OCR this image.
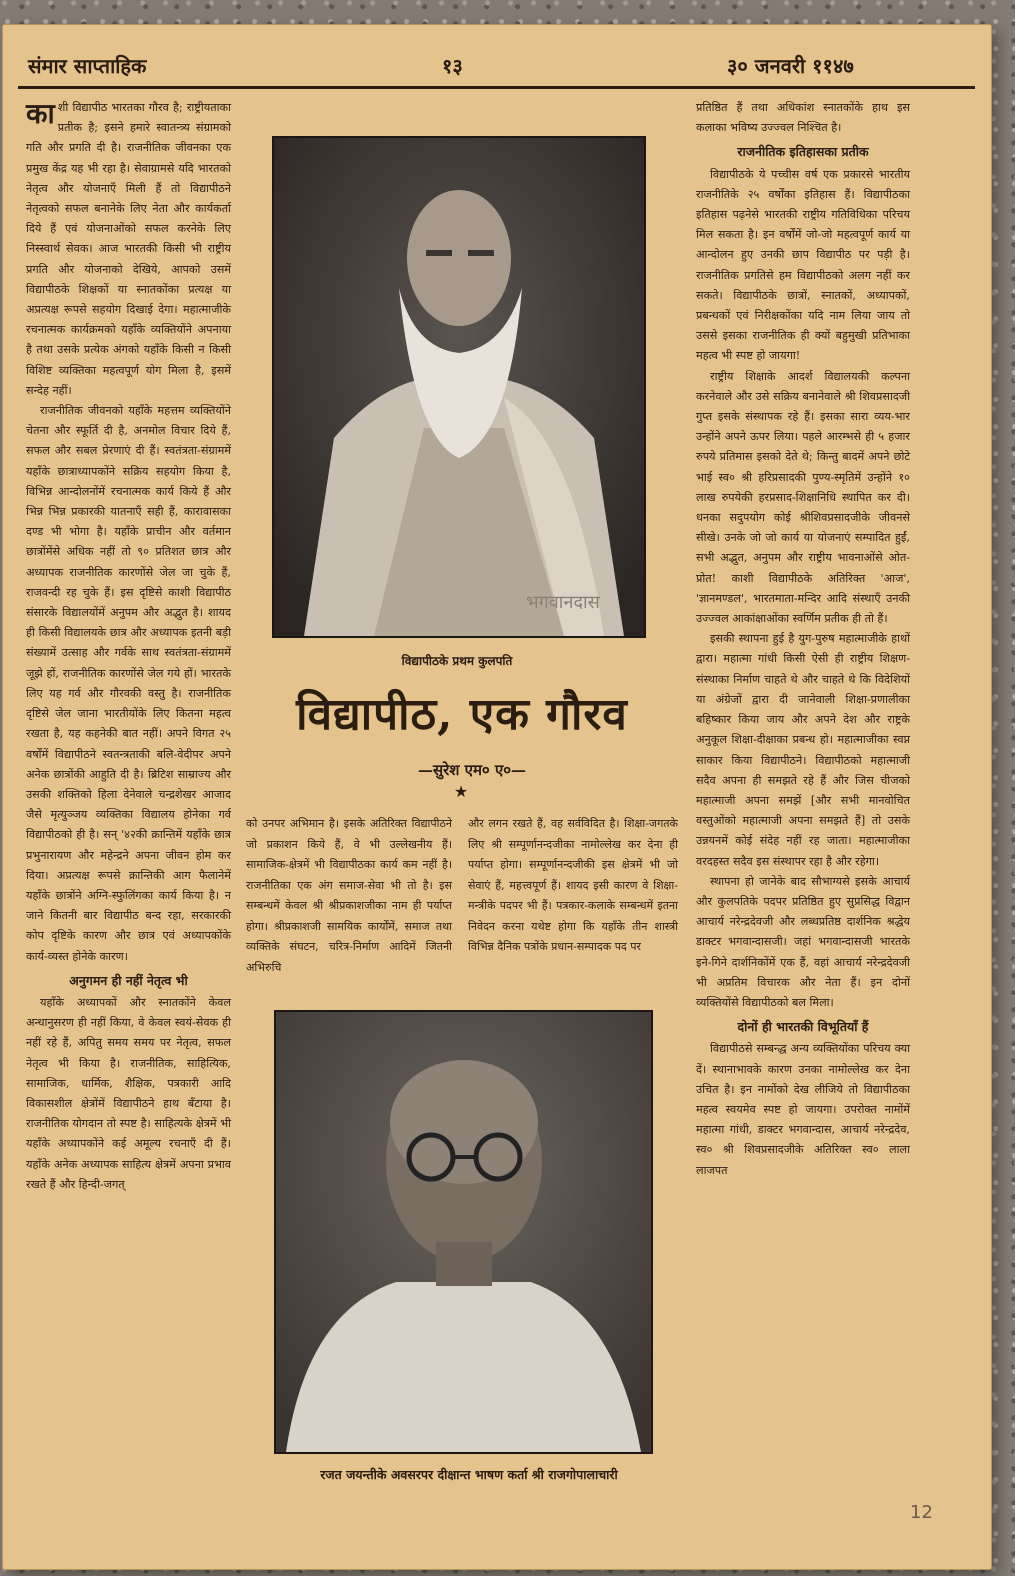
संमार साप्ताहिक	१३	३० जनवरी ११४७

काशी विद्यापीठ भारतका गौरव है; राष्ट्रीयताका प्रतीक है; इसने हमारे स्वातन्त्र्य संग्रामको गति और प्रगति दी है। राजनीतिक जीवनका एक प्रमुख केंद्र यह भी रहा है। सेवाग्रामसे यदि भारतको नेतृत्व और योजनाएँ मिली हैं तो विद्यापीठने नेतृत्वको सफल बनानेके लिए नेता और कार्यकर्ता दिये हैं एवं योजनाओंको सफल करनेके लिए निस्स्वार्थ सेवक। आज भारतकी किसी भी राष्ट्रीय प्रगति और योजनाको देखिये, आपको उसमें विद्यापीठके शिक्षकों या स्नातकोंका प्रत्यक्ष या अप्रत्यक्ष रूपसे सहयोग दिखाई देगा। महात्माजीके रचनात्मक कार्यक्रमको यहाँके व्यक्तियोंने अपनाया है तथा उसके प्रत्येक अंगको यहाँके किसी न किसी विशिष्ट व्यक्तिका महत्वपूर्ण योग मिला है, इसमें सन्देह नहीं।

राजनीतिक जीवनको यहाँके महत्तम व्यक्तियोंने चेतना और स्फूर्ति दी है, अनमोल विचार दिये हैं, सफल और सबल प्रेरणाएं दी हैं। स्वतंत्रता-संग्राममें यहाँके छात्राध्यापकोंने सक्रिय सहयोग किया है, विभिन्न आन्दोलनोंमें रचनात्मक कार्य किये हैं और भिन्न भिन्न प्रकारकी यातनाएँ सही हैं, कारावासका दण्ड भी भोगा है। यहाँके प्राचीन और वर्तमान छात्रोंमेंसे अधिक नहीं तो ९० प्रतिशत छात्र और अध्यापक राजनीतिक कारणोंसे जेल जा चुके हैं, राजवन्दी रह चुके हैं। इस दृष्टिसे काशी विद्यापीठ संसारके विद्यालयोंमें अनुपम और अद्भुत है। शायद ही किसी विद्यालयके छात्र और अध्यापक इतनी बड़ी संख्यामें उत्साह और गर्वके साथ स्वतंत्रता-संग्राममें जूझे हों, राजनीतिक कारणोंसे जेल गये हों। भारतके लिए यह गर्व और गौरवकी वस्तु है। राजनीतिक दृष्टिसे जेल जाना भारतीयोंके लिए कितना महत्व रखता है, यह कहनेकी बात नहीं। अपने विगत २५ वर्षोंमें विद्यापीठने स्वतन्त्रताकी बलि-वेदीपर अपने अनेक छात्रोंकी आहुति दी है। ब्रिटिश साम्राज्य और उसकी शक्तिको हिला देनेवाले चन्द्रशेखर आजाद जैसे मृत्युञ्जय व्यक्तिका विद्यालय होनेका गर्व विद्यापीठको ही है। सन् '४२की क्रान्तिमें यहाँके छात्र प्रभुनारायण और महेन्द्रने अपना जीवन होम कर दिया। अप्रत्यक्ष रूपसे क्रान्तिकी आग फैलानेमें यहाँके छात्रोंने अग्नि-स्फुलिंगका कार्य किया है। न जाने कितनी बार विद्यापीठ बन्द रहा, सरकारकी कोप दृष्टिके कारण और छात्र एवं अध्यापकोंके कार्य-व्यस्त होनेके कारण।

अनुगमन ही नहीं नेतृत्व भी

यहाँके अध्यापकों और स्नातकोंने केवल अन्धानुसरण ही नहीं किया, वे केवल स्वयं-सेवक ही नहीं रहे हैं, अपितु समय समय पर नेतृत्व, सफल नेतृत्व भी किया है। राजनीतिक, साहित्यिक, सामाजिक, धार्मिक, शैक्षिक, पत्रकारी आदि विकासशील क्षेत्रोंमें विद्यापीठने हाथ बँटाया है। राजनीतिक योगदान तो स्पष्ट है। साहित्यके क्षेत्रमें भी यहाँके अध्यापकोंने कई अमूल्य रचनाएँ दी हैं। यहाँके अनेक अध्यापक साहित्य क्षेत्रमें अपना प्रभाव रखते हैं और हिन्दी-जगत्

भगवानदास
विद्यापीठके प्रथम कुलपति
विद्यापीठ, एक गौरव
—सुरेश एम० ए०—
★
को उनपर अभिमान है। इसके अतिरिक्त विद्यापीठने जो प्रकाशन किये हैं, वे भी उल्लेखनीय हैं। सामाजिक-क्षेत्रमें भी विद्यापीठका कार्य कम नहीं है। राजनीतिका एक अंग समाज-सेवा भी तो है। इस सम्बन्धमें केवल श्री श्रीप्रकाशजीका नाम ही पर्याप्त होगा। श्रीप्रकाशजी सामयिक कार्योंमें, समाज तथा व्यक्तिके संघटन, चरित्र-निर्माण आदिमें जितनी अभिरुचि
और लगन रखते हैं, वह सर्वविदित है। शिक्षा-जगतके लिए श्री सम्पूर्णानन्दजीका नामोल्लेख कर देना ही पर्याप्त होगा। सम्पूर्णानन्दजीकी इस क्षेत्रमें भी जो सेवाएं हैं, महत्त्वपूर्ण हैं। शायद इसी कारण वे शिक्षा-मन्त्रीके पदपर भी हैं। पत्रकार-कलाके सम्बन्धमें इतना निवेदन करना यथेष्ट होगा कि यहाँके तीन शास्त्री विभिन्न दैनिक पत्रोंके प्रधान-सम्पादक पद पर
रजत जयन्तीके अवसरपर दीक्षान्त भाषण कर्ता श्री राजगोपालाचारी

प्रतिष्ठित हैं तथा अधिकांश स्नातकोंके हाथ इस कलाका भविष्य उज्ज्वल निश्चित है।

राजनीतिक इतिहासका प्रतीक

विद्यापीठके ये पच्चीस वर्ष एक प्रकारसे भारतीय राजनीतिके २५ वर्षोंका इतिहास हैं। विद्यापीठका इतिहास पढ़नेसे भारतकी राष्ट्रीय गतिविधिका परिचय मिल सकता है। इन वर्षोंमें जो-जो महत्वपूर्ण कार्य या आन्दोलन हुए उनकी छाप विद्यापीठ पर पड़ी है। राजनीतिक प्रगतिसे हम विद्यापीठको अलग नहीं कर सकते। विद्यापीठके छात्रों, स्नातकों, अध्यापकों, प्रबन्धकों एवं निरीक्षकोंका यदि नाम लिया जाय तो उससे इसका राजनीतिक ही क्यों बहुमुखी प्रतिभाका महत्व भी स्पष्ट हो जायगा!

राष्ट्रीय शिक्षाके आदर्श विद्यालयकी कल्पना करनेवाले और उसे सक्रिय बनानेवाले श्री शिवप्रसादजी गुप्त इसके संस्थापक रहे हैं। इसका सारा व्यय-भार उन्होंने अपने ऊपर लिया। पहले आरम्भसे ही ५ हजार रुपये प्रतिमास इसको देते थे; किन्तु बादमें अपने छोटे भाई स्व० श्री हरिप्रसादकी पुण्य-स्मृतिमें उन्होंने १० लाख रुपयेकी हरप्रसाद-शिक्षानिधि स्थापित कर दी। धनका सदुपयोग कोई श्रीशिवप्रसादजीके जीवनसे सीखे। उनके जो जो कार्य या योजनाएं सम्पादित हुईं, सभी अद्भुत, अनुपम और राष्ट्रीय भावनाओंसे ओत-प्रोत! काशी विद्यापीठके अतिरिक्त 'आज', 'ज्ञानमण्डल', भारतमाता-मन्दिर आदि संस्थाएँ उनकी उज्ज्वल आकांक्षाओंका स्वर्णिम प्रतीक ही तो हैं।

इसकी स्थापना हुई है युग-पुरुष महात्माजीके हाथों द्वारा। महात्मा गांधी किसी ऐसी ही राष्ट्रीय शिक्षण-संस्थाका निर्माण चाहते थे और चाहते थे कि विदेशियों या अंग्रेजों द्वारा दी जानेवाली शिक्षा-प्रणालीका बहिष्कार किया जाय और अपने देश और राष्ट्रके अनुकूल शिक्षा-दीक्षाका प्रबन्ध हो। महात्माजीका स्वप्न साकार किया विद्यापीठने। विद्यापीठको महात्माजी सदैव अपना ही समझते रहे हैं और जिस चीजको महात्माजी अपना समझें [और सभी मानवोचित वस्तुओंको महात्माजी अपना समझते हैं] तो उसके उन्नयनमें कोई संदेह नहीं रह जाता। महात्माजीका वरदहस्त सदैव इस संस्थापर रहा है और रहेगा।

स्थापना हो जानेके बाद सौभाग्यसे इसके आचार्य और कुलपतिके पदपर प्रतिष्ठित हुए सुप्रसिद्ध विद्वान आचार्य नरेन्द्रदेवजी और लब्धप्रतिष्ठ दार्शनिक श्रद्धेय डाक्टर भगवान्दासजी। जहां भगवान्दासजी भारतके इने-गिने दार्शनिकोंमें एक हैं, वहां आचार्य नरेन्द्रदेवजी भी अप्रतिम विचारक और नेता हैं। इन दोनों व्यक्तियोंसे विद्यापीठको बल मिला।

दोनों ही भारतकी विभूतियाँ हैं

विद्यापीठसे सम्बन्द्ध अन्य व्यक्तियोंका परिचय क्या दें। स्थानाभावके कारण उनका नामोल्लेख कर देना उचित है। इन नामोंको देख लीजिये तो विद्यापीठका महत्व स्वयमेव स्पष्ट हो जायगा। उपरोक्त नामोंमें महात्मा गांधी, डाक्टर भगवान्दास, आचार्य नरेन्द्रदेव, स्व० श्री शिवप्रसादजीके अतिरिक्त स्व० लाला लाजपत

12
